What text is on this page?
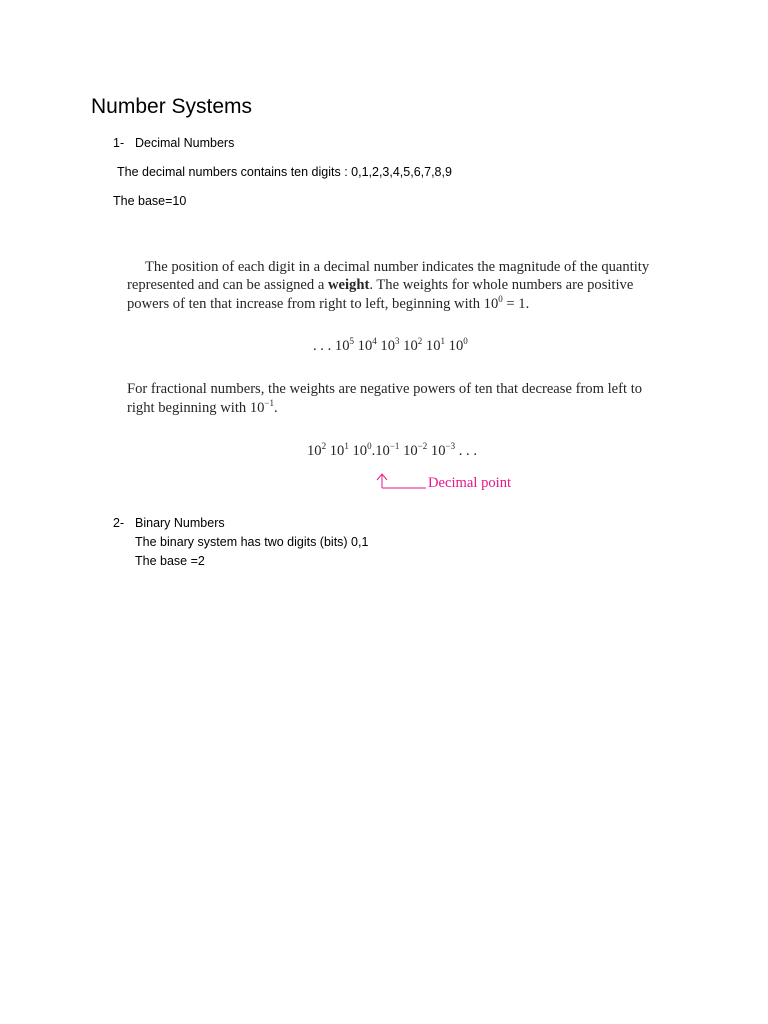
Number Systems
1- Decimal Numbers
The decimal numbers contains ten digits : 0,1,2,3,4,5,6,7,8,9
The base=10
The position of each digit in a decimal number indicates the magnitude of the quantity
represented and can be assigned a weight. The weights for whole numbers are positive
powers of ten that increase from right to left, beginning with $10^0 = 1$.
. . . $10^5$ $10^4$ $10^3$ $10^2$ $10^1$ $10^0$
For fractional numbers, the weights are negative powers of ten that decrease from left to
right beginning with $10^{-1}$.
$10^2$ $10^1$ $10^0.10^{-1}$ $10^{-2}$ $10^{-3}$ . . .
Decimal point
2- Binary Numbers
The binary system has two digits (bits) 0,1
The base =2
